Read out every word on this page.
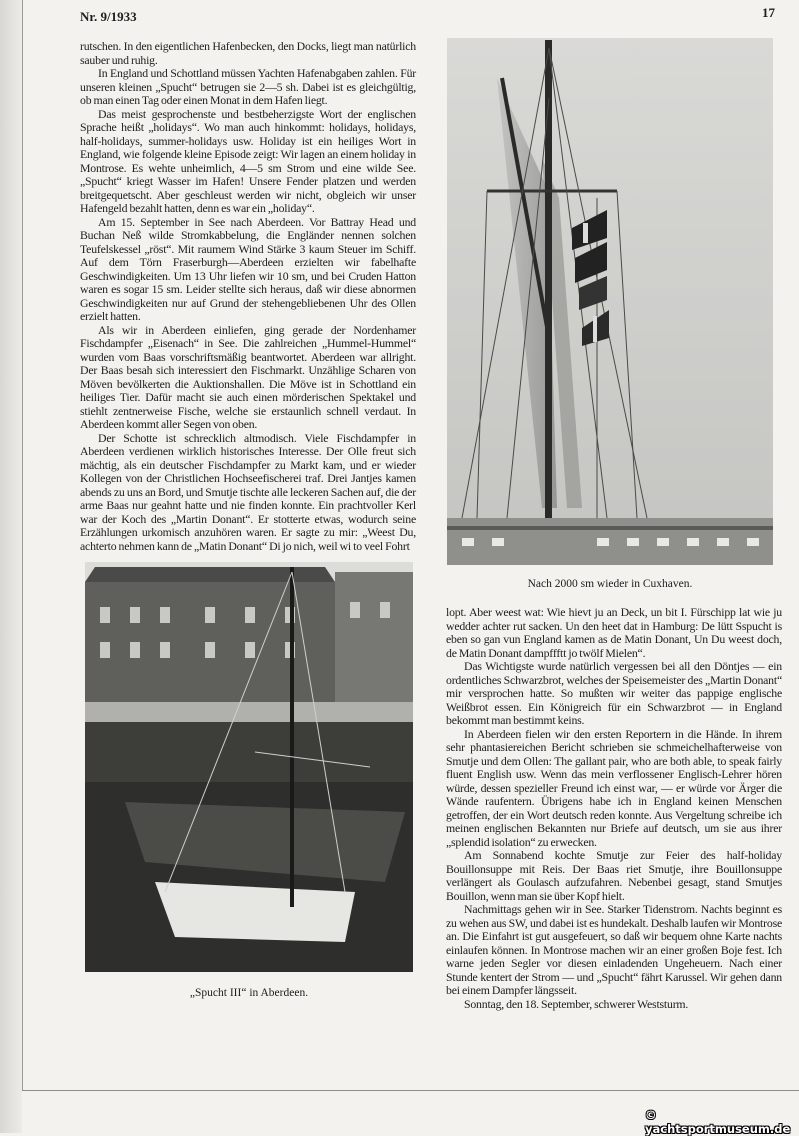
Nr. 9/1933	17

rutschen. In den eigentlichen Hafenbecken, den Docks, liegt man natürlich sauber und ruhig.

In England und Schottland müssen Yachten Hafenabgaben zahlen. Für unseren kleinen „Spucht“ betrugen sie 2—5 sh. Dabei ist es gleichgültig, ob man einen Tag oder einen Monat in dem Hafen liegt.

Das meist gesprochenste und bestbeherzigste Wort der englischen Sprache heißt „holidays“. Wo man auch hinkommt: holidays, holidays, half-holidays, summer-holidays usw. Holiday ist ein heiliges Wort in England, wie folgende kleine Episode zeigt: Wir lagen an einem holiday in Montrose. Es wehte unheimlich, 4—5 sm Strom und eine wilde See. „Spucht“ kriegt Wasser im Hafen! Unsere Fender platzen und werden breitgequetscht. Aber geschleust werden wir nicht, obgleich wir unser Hafengeld bezahlt hatten, denn es war ein „holiday“.

Am 15. September in See nach Aberdeen. Vor Battray Head und Buchan Neß wilde Stromkabbelung, die Engländer nennen solchen Teufelskessel „röst“. Mit raumem Wind Stärke 3 kaum Steuer im Schiff. Auf dem Törn Fraserburgh—Aberdeen erzielten wir fabelhafte Geschwindigkeiten. Um 13 Uhr liefen wir 10 sm, und bei Cruden Hatton waren es sogar 15 sm. Leider stellte sich heraus, daß wir diese abnormen Geschwindigkeiten nur auf Grund der stehengebliebenen Uhr des Ollen erzielt hatten.

Als wir in Aberdeen einliefen, ging gerade der Nordenhamer Fischdampfer „Eisenach“ in See. Die zahlreichen „Hummel-Hummel“ wurden vom Baas vorschriftsmäßig beantwortet. Aberdeen war allright. Der Baas besah sich interessiert den Fischmarkt. Unzählige Scharen von Möven bevölkerten die Auktionshallen. Die Möve ist in Schottland ein heiliges Tier. Dafür macht sie auch einen mörderischen Spektakel und stiehlt zentnerweise Fische, welche sie erstaunlich schnell verdaut. In Aberdeen kommt aller Segen von oben.

Der Schotte ist schrecklich altmodisch. Viele Fischdampfer in Aberdeen verdienen wirklich historisches Interesse. Der Olle freut sich mächtig, als ein deutscher Fischdampfer zu Markt kam, und er wieder Kollegen von der Christlichen Hochseefischerei traf. Drei Jantjes kamen abends zu uns an Bord, und Smutje tischte alle leckeren Sachen auf, die der arme Baas nur geahnt hatte und nie finden konnte. Ein prachtvoller Kerl war der Koch des „Martin Donant“. Er stotterte etwas, wodurch seine Erzählungen urkomisch anzuhören waren. Er sagte zu mir: „Weest Du, achterto nehmen kann de „Matin Donant“ Di jo nich, weil wi to veel Fohrt

Nach 2000 sm wieder in Cuxhaven.
„Spucht III“ in Aberdeen.

lopt. Aber weest wat: Wie hievt ju an Deck, un bit I. Fürschipp lat wie ju wedder achter rut sacken. Un den heet dat in Hamburg: De lütt Sspucht is eben so gan vun England kamen as de Matin Donant, Un Du weest doch, de Matin Donant dampffftt jo twölf Mielen“.

Das Wichtigste wurde natürlich vergessen bei all den Döntjes — ein ordentliches Schwarzbrot, welches der Speisemeister des „Martin Donant“ mir versprochen hatte. So mußten wir weiter das pappige englische Weißbrot essen. Ein Königreich für ein Schwarzbrot — in England bekommt man bestimmt keins.

In Aberdeen fielen wir den ersten Reportern in die Hände. In ihrem sehr phantasiereichen Bericht schrieben sie schmeichelhafterweise von Smutje und dem Ollen: The gallant pair, who are both able, to speak fairly fluent English usw. Wenn das mein verflossener Englisch-Lehrer hören würde, dessen spezieller Freund ich einst war, — er würde vor Ärger die Wände raufentern. Übrigens habe ich in England keinen Menschen getroffen, der ein Wort deutsch reden konnte. Aus Vergeltung schreibe ich meinen englischen Bekannten nur Briefe auf deutsch, um sie aus ihrer „splendid isolation“ zu erwecken.

Am Sonnabend kochte Smutje zur Feier des half-holiday Bouillonsuppe mit Reis. Der Baas riet Smutje, ihre Bouillonsuppe verlängert als Goulasch aufzufahren. Nebenbei gesagt, stand Smutjes Bouillon, wenn man sie über Kopf hielt.

Nachmittags gehen wir in See. Starker Tidenstrom. Nachts beginnt es zu wehen aus SW, und dabei ist es hundekalt. Deshalb laufen wir Montrose an. Die Einfahrt ist gut ausgefeuert, so daß wir bequem ohne Karte nachts einlaufen können. In Montrose machen wir an einer großen Boje fest. Ich warne jeden Segler vor diesen einladenden Ungeheuern. Nach einer Stunde kentert der Strom — und „Spucht“ fährt Karussel. Wir gehen dann bei einem Dampfer längsseit.

Sonntag, den 18. September, schwerer Weststurm.

© yachtsportmuseum.de
